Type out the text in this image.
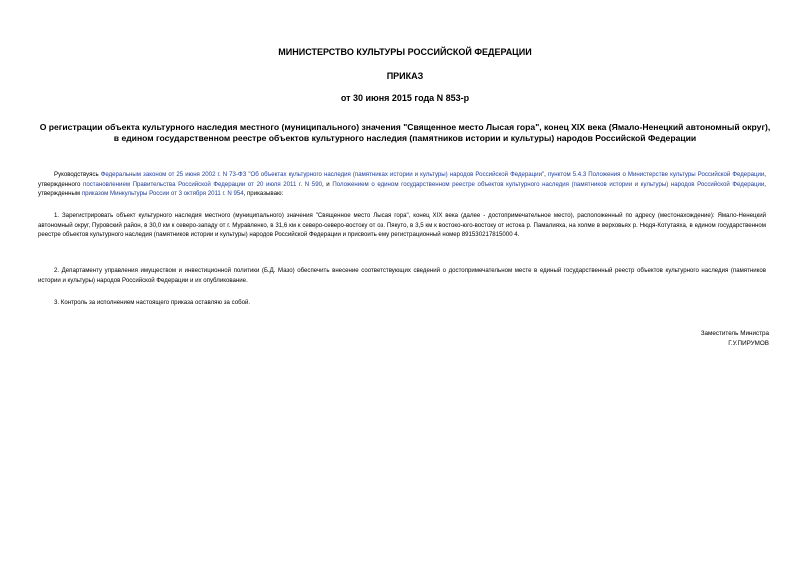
МИНИСТЕРСТВО КУЛЬТУРЫ РОССИЙСКОЙ ФЕДЕРАЦИИ
ПРИКАЗ
от 30 июня 2015 года N 853-р
О регистрации объекта культурного наследия местного (муниципального) значения "Священное место Лысая гора", конец XIX века (Ямало-Ненецкий автономный округ), в едином государственном реестре объектов культурного наследия (памятников истории и культуры) народов Российской Федерации
Руководствуясь Федеральным законом от 25 июня 2002 г. N 73-ФЗ "Об объектах культурного наследия (памятниках истории и культуры) народов Российской Федерации", пунктом 5.4.3 Положения о Министерстве культуры Российской Федерации, утвержденного постановлением Правительства Российской Федерации от 20 июля 2011 г. N 590, и Положением о едином государственном реестре объектов культурного наследия (памятников истории и культуры) народов Российской Федерации, утвержденным приказом Минкультуры России от 3 октября 2011 г. N 954, приказываю:
1. Зарегистрировать объект культурного наследия местного (муниципального) значения "Священное место Лысая гора", конец XIX века (далее - достопримечательное место), расположенный по адресу (местонахождение): Ямало-Ненецкий автономный округ, Пуровский район, в 30,0 км к северо-западу от г. Муравленко, в 31,6 км к северо-северо-востоку от оз. Пякуто, в 3,5 км к востоко-юго-востоку от истока р. Памалияха, на холме в верховьях р. Нюдя-Котутаяха, в едином государственном реестре объектов культурного наследия (памятников истории и культуры) народов Российской Федерации и присвоить ему регистрационный номер 891530217815000 4.
2. Департаменту управления имуществом и инвестиционной политики (Б.Д. Мазо) обеспечить внесение соответствующих сведений о достопримечательном месте в единый государственный реестр объектов культурного наследия (памятников истории и культуры) народов Российской Федерации и их опубликование.
3. Контроль за исполнением настоящего приказа оставляю за собой.
Заместитель Министра
Г.У.ПИРУМОВ
